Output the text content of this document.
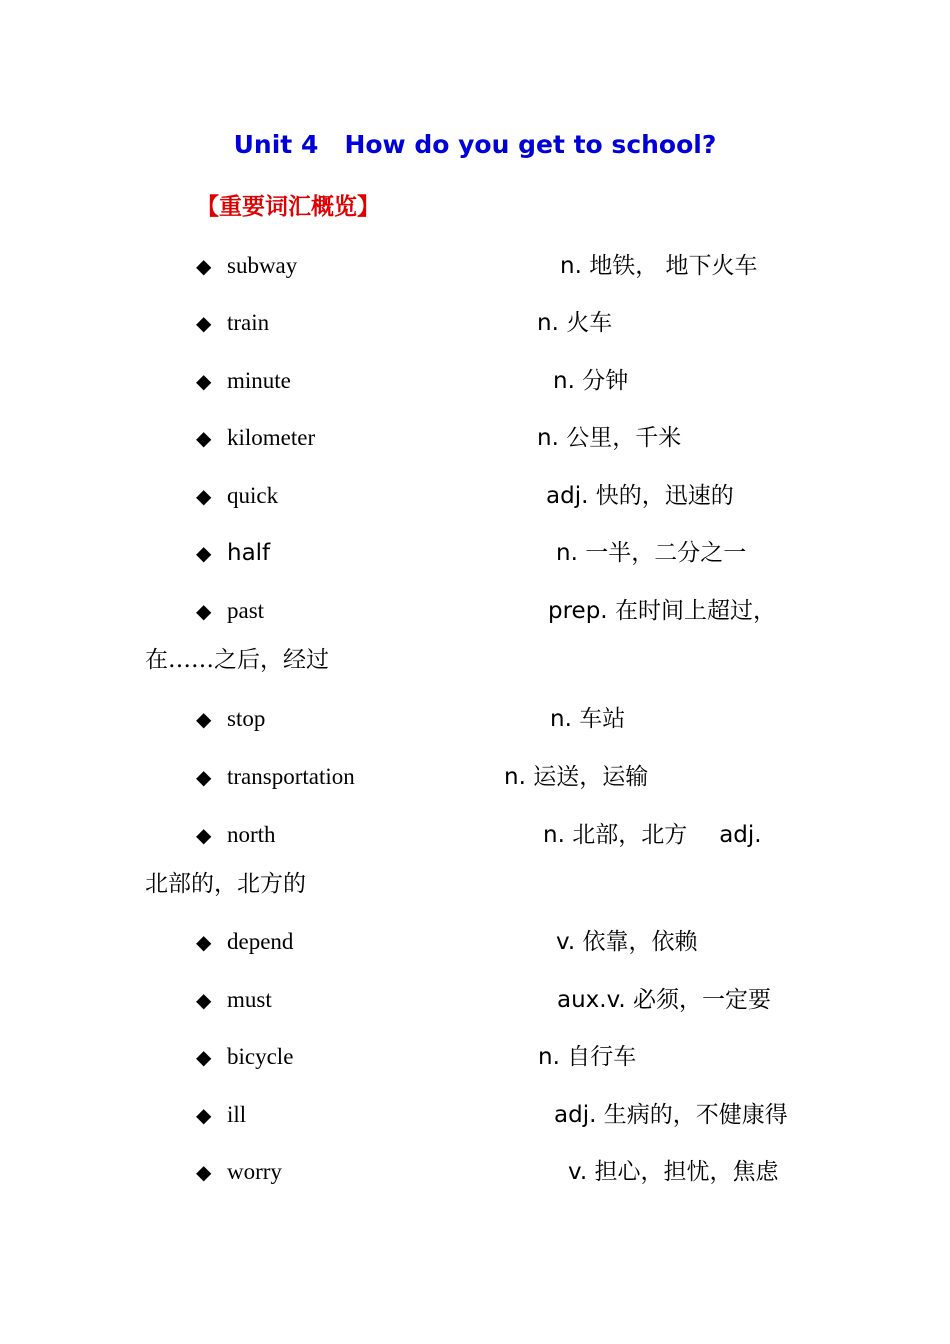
Unit 4   How do you get to school?
【重要词汇概览】
◆ subway	n. 地铁， 地下火车
◆ train	n. 火车
◆ minute	n. 分钟
◆ kilometer	n. 公里，千米
◆ quick	adj. 快的，迅速的
◆ half	n. 一半，二分之一
◆ past	prep. 在时间上超过，
在……之后，经过
◆ stop	n. 车站
◆ transportation	n. 运送，运输
◆ north	n. 北部，北方 adj.
北部的，北方的
◆ depend	v. 依靠，依赖
◆ must	aux.v. 必须，一定要
◆ bicycle	n. 自行车
◆ ill	adj. 生病的，不健康得
◆ worry	v. 担心，担忧，焦虑
